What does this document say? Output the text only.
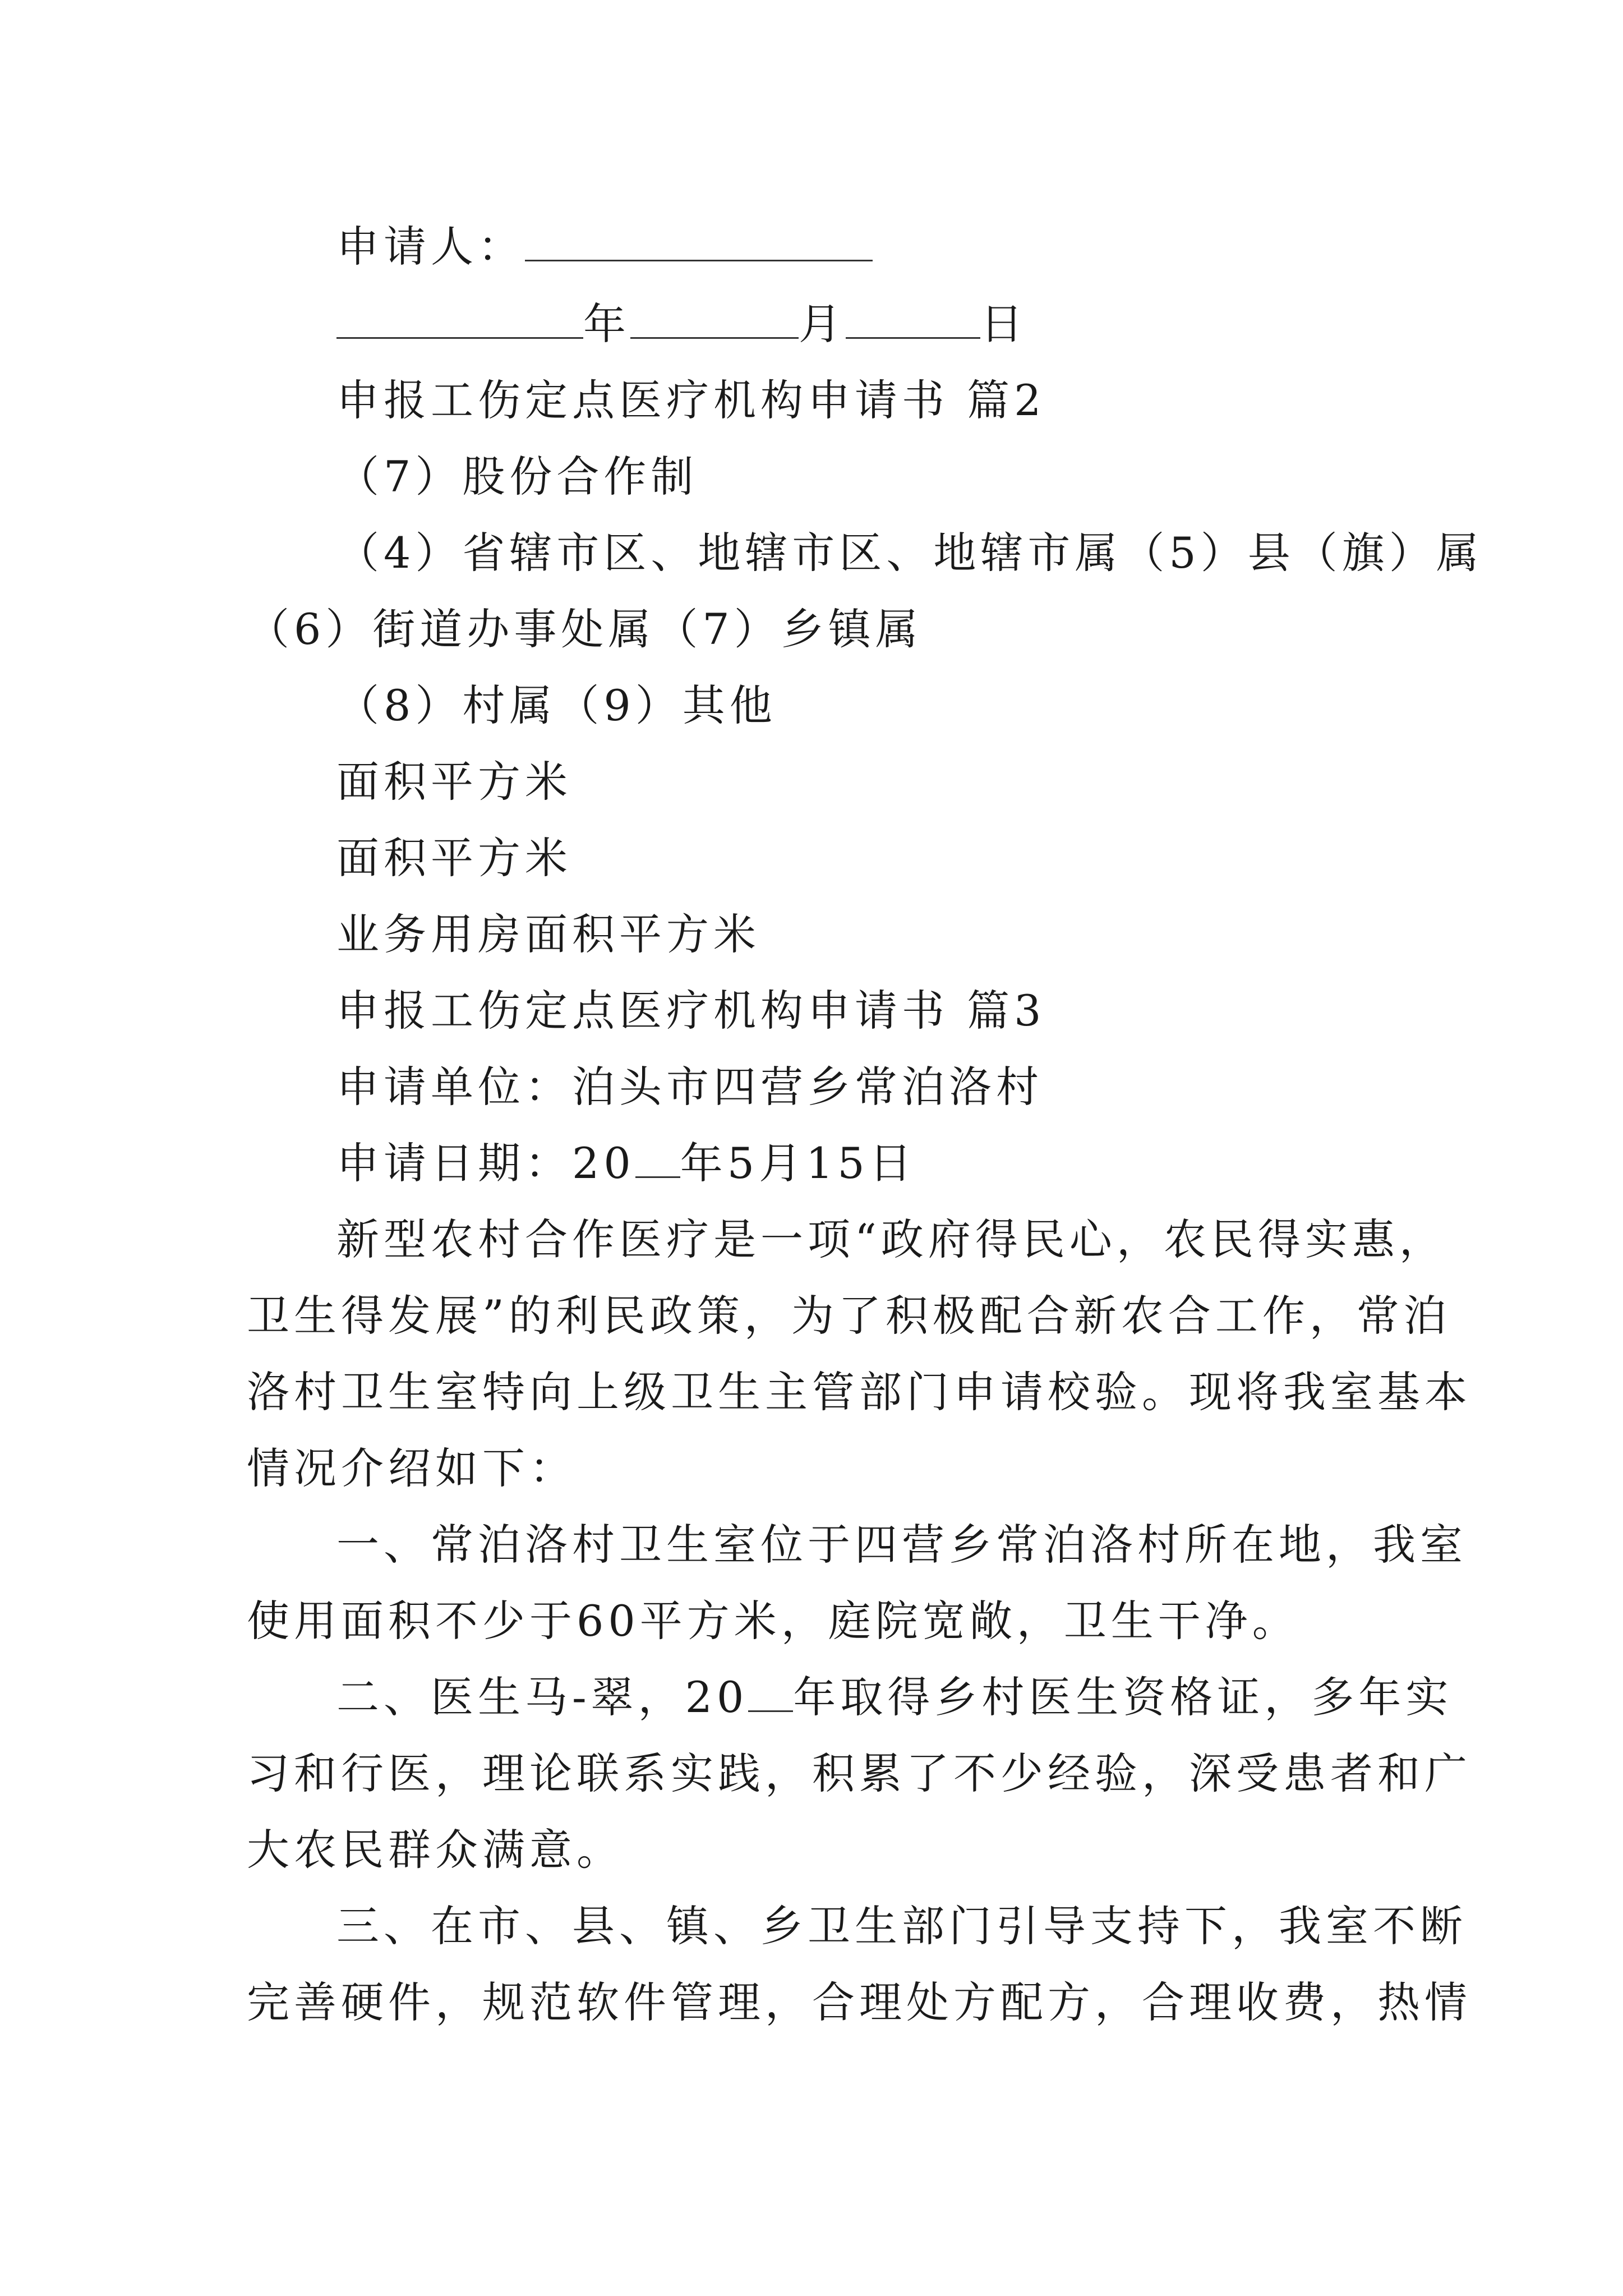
申请人：
年	月	日
申报工伤定点医疗机构申请书 篇2
（7）股份合作制
（4）省辖市区、地辖市区、地辖市属（5）县（旗）属
（6）街道办事处属（7）乡镇属
（8）村属（9）其他
面积平方米
面积平方米
业务用房面积平方米
申报工伤定点医疗机构申请书 篇3
申请单位：泊头市四营乡常泊洛村
申请日期：20 年5月15日
新型农村合作医疗是一项“政府得民心，农民得实惠，
卫生得发展”的利民政策，为了积极配合新农合工作，常泊
洛村卫生室特向上级卫生主管部门申请校验。现将我室基本
情况介绍如下：
一、常泊洛村卫生室位于四营乡常泊洛村所在地，我室
使用面积不少于60平方米，庭院宽敞，卫生干净。
二、医生马-翠，20 年取得乡村医生资格证，多年实
习和行医，理论联系实践，积累了不少经验，深受患者和广
大农民群众满意。
三、在市、县、镇、乡卫生部门引导支持下，我室不断
完善硬件，规范软件管理，合理处方配方，合理收费，热情
